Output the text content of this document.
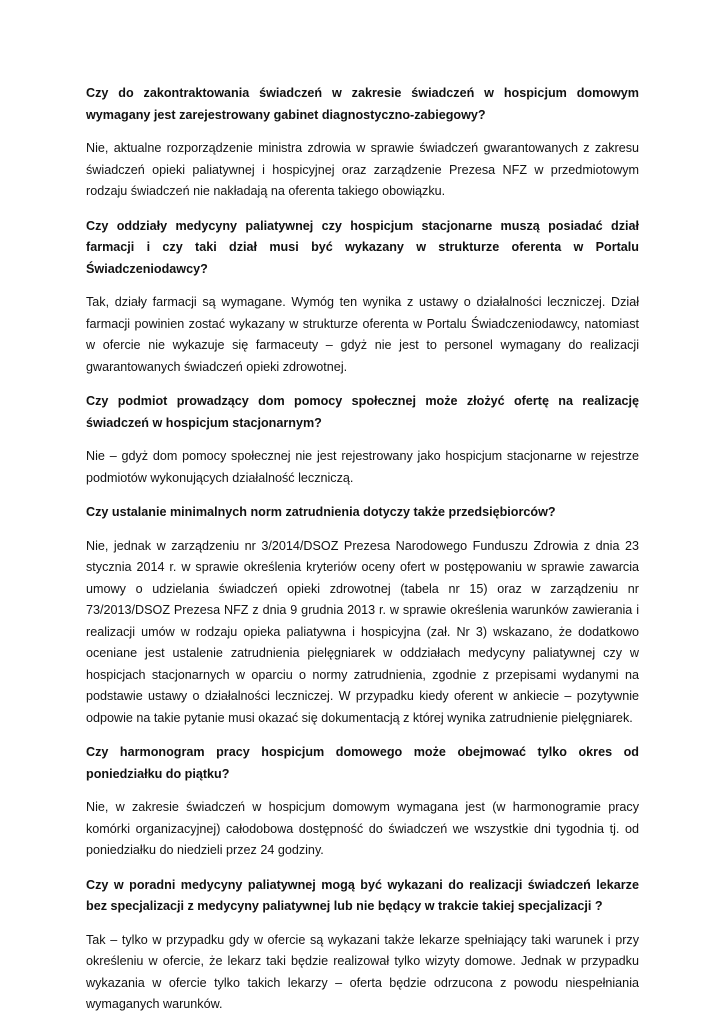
Czy do zakontraktowania świadczeń w zakresie świadczeń w hospicjum domowym wymagany jest zarejestrowany gabinet diagnostyczno-zabiegowy?

Nie, aktualne rozporządzenie ministra zdrowia w sprawie świadczeń gwarantowanych z zakresu świadczeń opieki paliatywnej i hospicyjnej oraz zarządzenie Prezesa NFZ w przedmiotowym rodzaju świadczeń nie nakładają na oferenta takiego obowiązku.

Czy oddziały medycyny paliatywnej czy hospicjum stacjonarne muszą posiadać dział farmacji i czy taki dział musi być wykazany w strukturze oferenta w Portalu Świadczeniodawcy?

Tak, działy farmacji są wymagane. Wymóg ten wynika z ustawy o działalności leczniczej. Dział farmacji powinien zostać wykazany w strukturze oferenta w Portalu Świadczeniodawcy, natomiast w ofercie nie wykazuje się farmaceuty – gdyż nie jest to personel wymagany do realizacji gwarantowanych świadczeń opieki zdrowotnej.

Czy podmiot prowadzący dom pomocy społecznej może złożyć ofertę na realizację świadczeń w hospicjum stacjonarnym?

Nie – gdyż dom pomocy społecznej nie jest rejestrowany jako hospicjum stacjonarne w rejestrze podmiotów wykonujących działalność leczniczą.

Czy ustalanie minimalnych norm zatrudnienia dotyczy także przedsiębiorców?

Nie, jednak w zarządzeniu nr 3/2014/DSOZ Prezesa Narodowego Funduszu Zdrowia z dnia 23 stycznia 2014 r. w sprawie określenia kryteriów oceny ofert w postępowaniu w sprawie zawarcia umowy o udzielania świadczeń opieki zdrowotnej (tabela nr 15) oraz w zarządzeniu nr 73/2013/DSOZ Prezesa NFZ z dnia 9 grudnia 2013 r. w sprawie określenia warunków zawierania i realizacji umów w rodzaju opieka paliatywna i hospicyjna (zał. Nr 3) wskazano, że dodatkowo oceniane jest ustalenie zatrudnienia pielęgniarek w oddziałach medycyny paliatywnej czy w hospicjach stacjonarnych w oparciu o normy zatrudnienia, zgodnie z przepisami wydanymi na podstawie ustawy o działalności leczniczej. W przypadku kiedy oferent w ankiecie – pozytywnie odpowie na takie pytanie musi okazać się dokumentacją z której wynika zatrudnienie pielęgniarek.

Czy harmonogram pracy hospicjum domowego może obejmować tylko okres od poniedziałku do piątku?

Nie, w zakresie świadczeń w hospicjum domowym wymagana jest (w harmonogramie pracy komórki organizacyjnej) całodobowa dostępność do świadczeń we wszystkie dni tygodnia tj. od poniedziałku do niedzieli przez 24 godziny.

Czy w poradni medycyny paliatywnej mogą być wykazani do realizacji świadczeń lekarze bez specjalizacji z medycyny paliatywnej lub nie będący w trakcie takiej specjalizacji ?

Tak – tylko w przypadku gdy w ofercie są wykazani także lekarze spełniający taki warunek i przy określeniu w ofercie, że lekarz taki będzie realizował tylko wizyty domowe. Jednak w przypadku wykazania w ofercie tylko takich lekarzy – oferta będzie odrzucona z powodu niespełniania wymaganych warunków.
